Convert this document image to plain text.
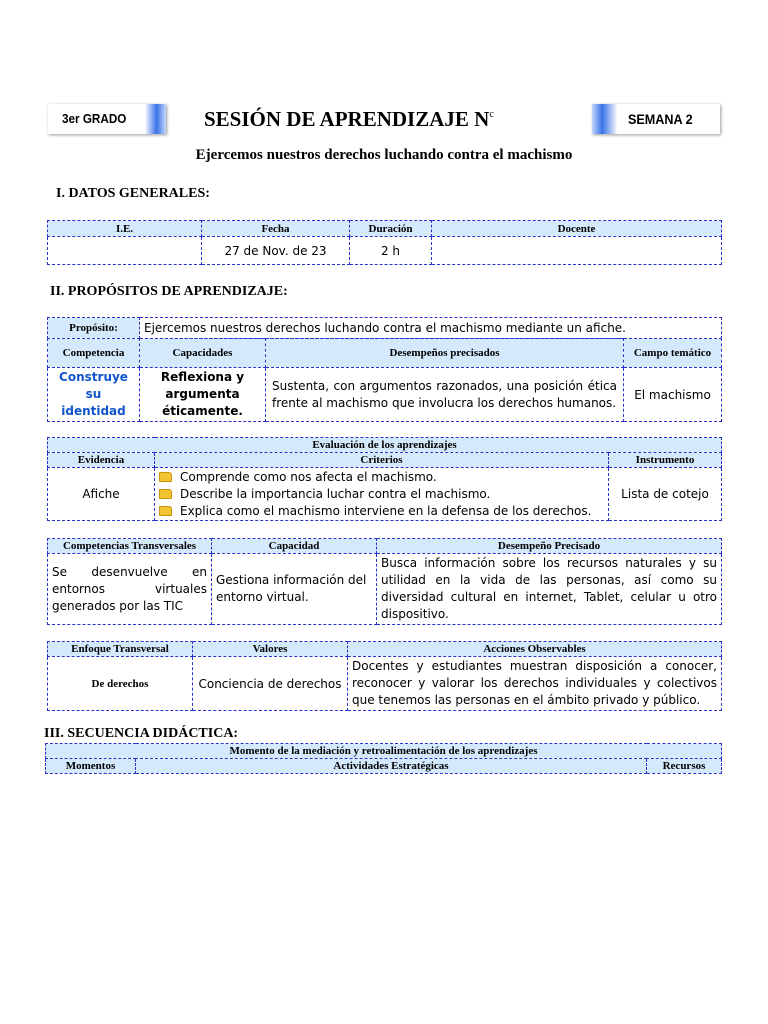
3er GRADO	SESIÓN DE APRENDIZAJE $N^c$	SEMANA 2
Ejercemos nuestros derechos luchando contra el machismo
I. DATOS GENERALES:
I.E.	Fecha	Duración	Docente
	27 de Nov. de 23	2 h	
II. PROPÓSITOS DE APRENDIZAJE:
Propósito:	Ejercemos nuestros derechos luchando contra el machismo mediante un afiche.
Competencia	Capacidades	Desempeños precisados	Campo temático
Construye su identidad	Reflexiona y argumenta éticamente.	Sustenta, con argumentos razonados, una posición ética frente al machismo que involucra los derechos humanos.	El machismo
Evaluación de los aprendizajes		
Evidencia	Criterios	Instrumento
Afiche	Comprende como nos afecta el machismo.
Describe la importancia luchar contra el machismo.
Explica como el machismo interviene en la defensa de los derechos.	Lista de cotejo
Competencias Transversales	Capacidad	Desempeño Precisado
Se desenvuelve en entornos virtuales generados por las TIC	Gestiona información del entorno virtual.	Busca información sobre los recursos naturales y su utilidad en la vida de las personas, así como su diversidad cultural en internet, Tablet, celular u otro dispositivo.
Enfoque Transversal	Valores	Acciones Observables
De derechos	Conciencia de derechos	Docentes y estudiantes muestran disposición a conocer, reconocer y valorar los derechos individuales y colectivos que tenemos las personas en el ámbito privado y público.
III. SECUENCIA DIDÁCTICA:
Momento de la mediación y retroalimentación de los aprendizajes
Momentos	Actividades Estratégicas	Recursos
